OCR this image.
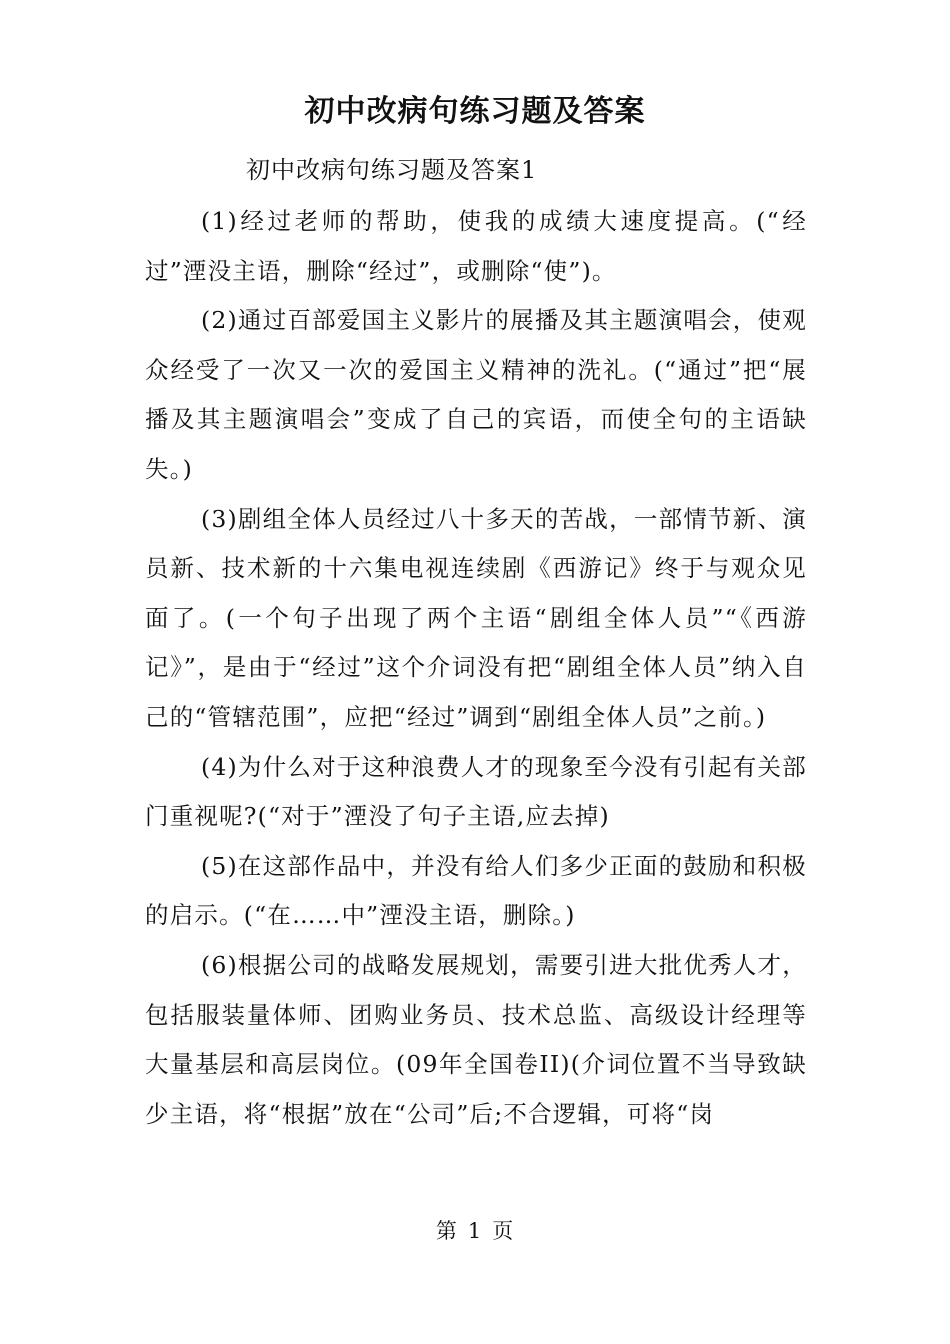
初中改病句练习题及答案
初中改病句练习题及答案1

(1)经过老师的帮助，使我的成绩大速度提高。(“经过”湮没主语，删除“经过”，或删除“使”)。

(2)通过百部爱国主义影片的展播及其主题演唱会，使观众经受了一次又一次的爱国主义精神的洗礼。(“通过”把“展播及其主题演唱会”变成了自己的宾语，而使全句的主语缺失。)

(3)剧组全体人员经过八十多天的苦战，一部情节新、演员新、技术新的十六集电视连续剧《西游记》终于与观众见面了。(一个句子出现了两个主语“剧组全体人员”“《西游 记》”，是由于“经过”这个介词没有把“剧组全体人员”纳入自己的“管辖范围”，应把“经过”调到“剧组全体人员”之前。)

(4)为什么对于这种浪费人才的现象至今没有引起有关部门重视呢?(“对于”湮没了句子主语,应去掉)

(5)在这部作品中，并没有给人们多少正面的鼓励和积极的启示。(“在……中”湮没主语，删除。)

(6)根据公司的战略发展规划，需要引进大批优秀人才，包括服装量体师、团购业务员、技术总监、高级设计经理等大量基层和高层岗位。(09年全国卷II)(介词位置不当导致缺少主语，将“根据”放在“公司”后;不合逻辑，可将“岗

第 1 页
